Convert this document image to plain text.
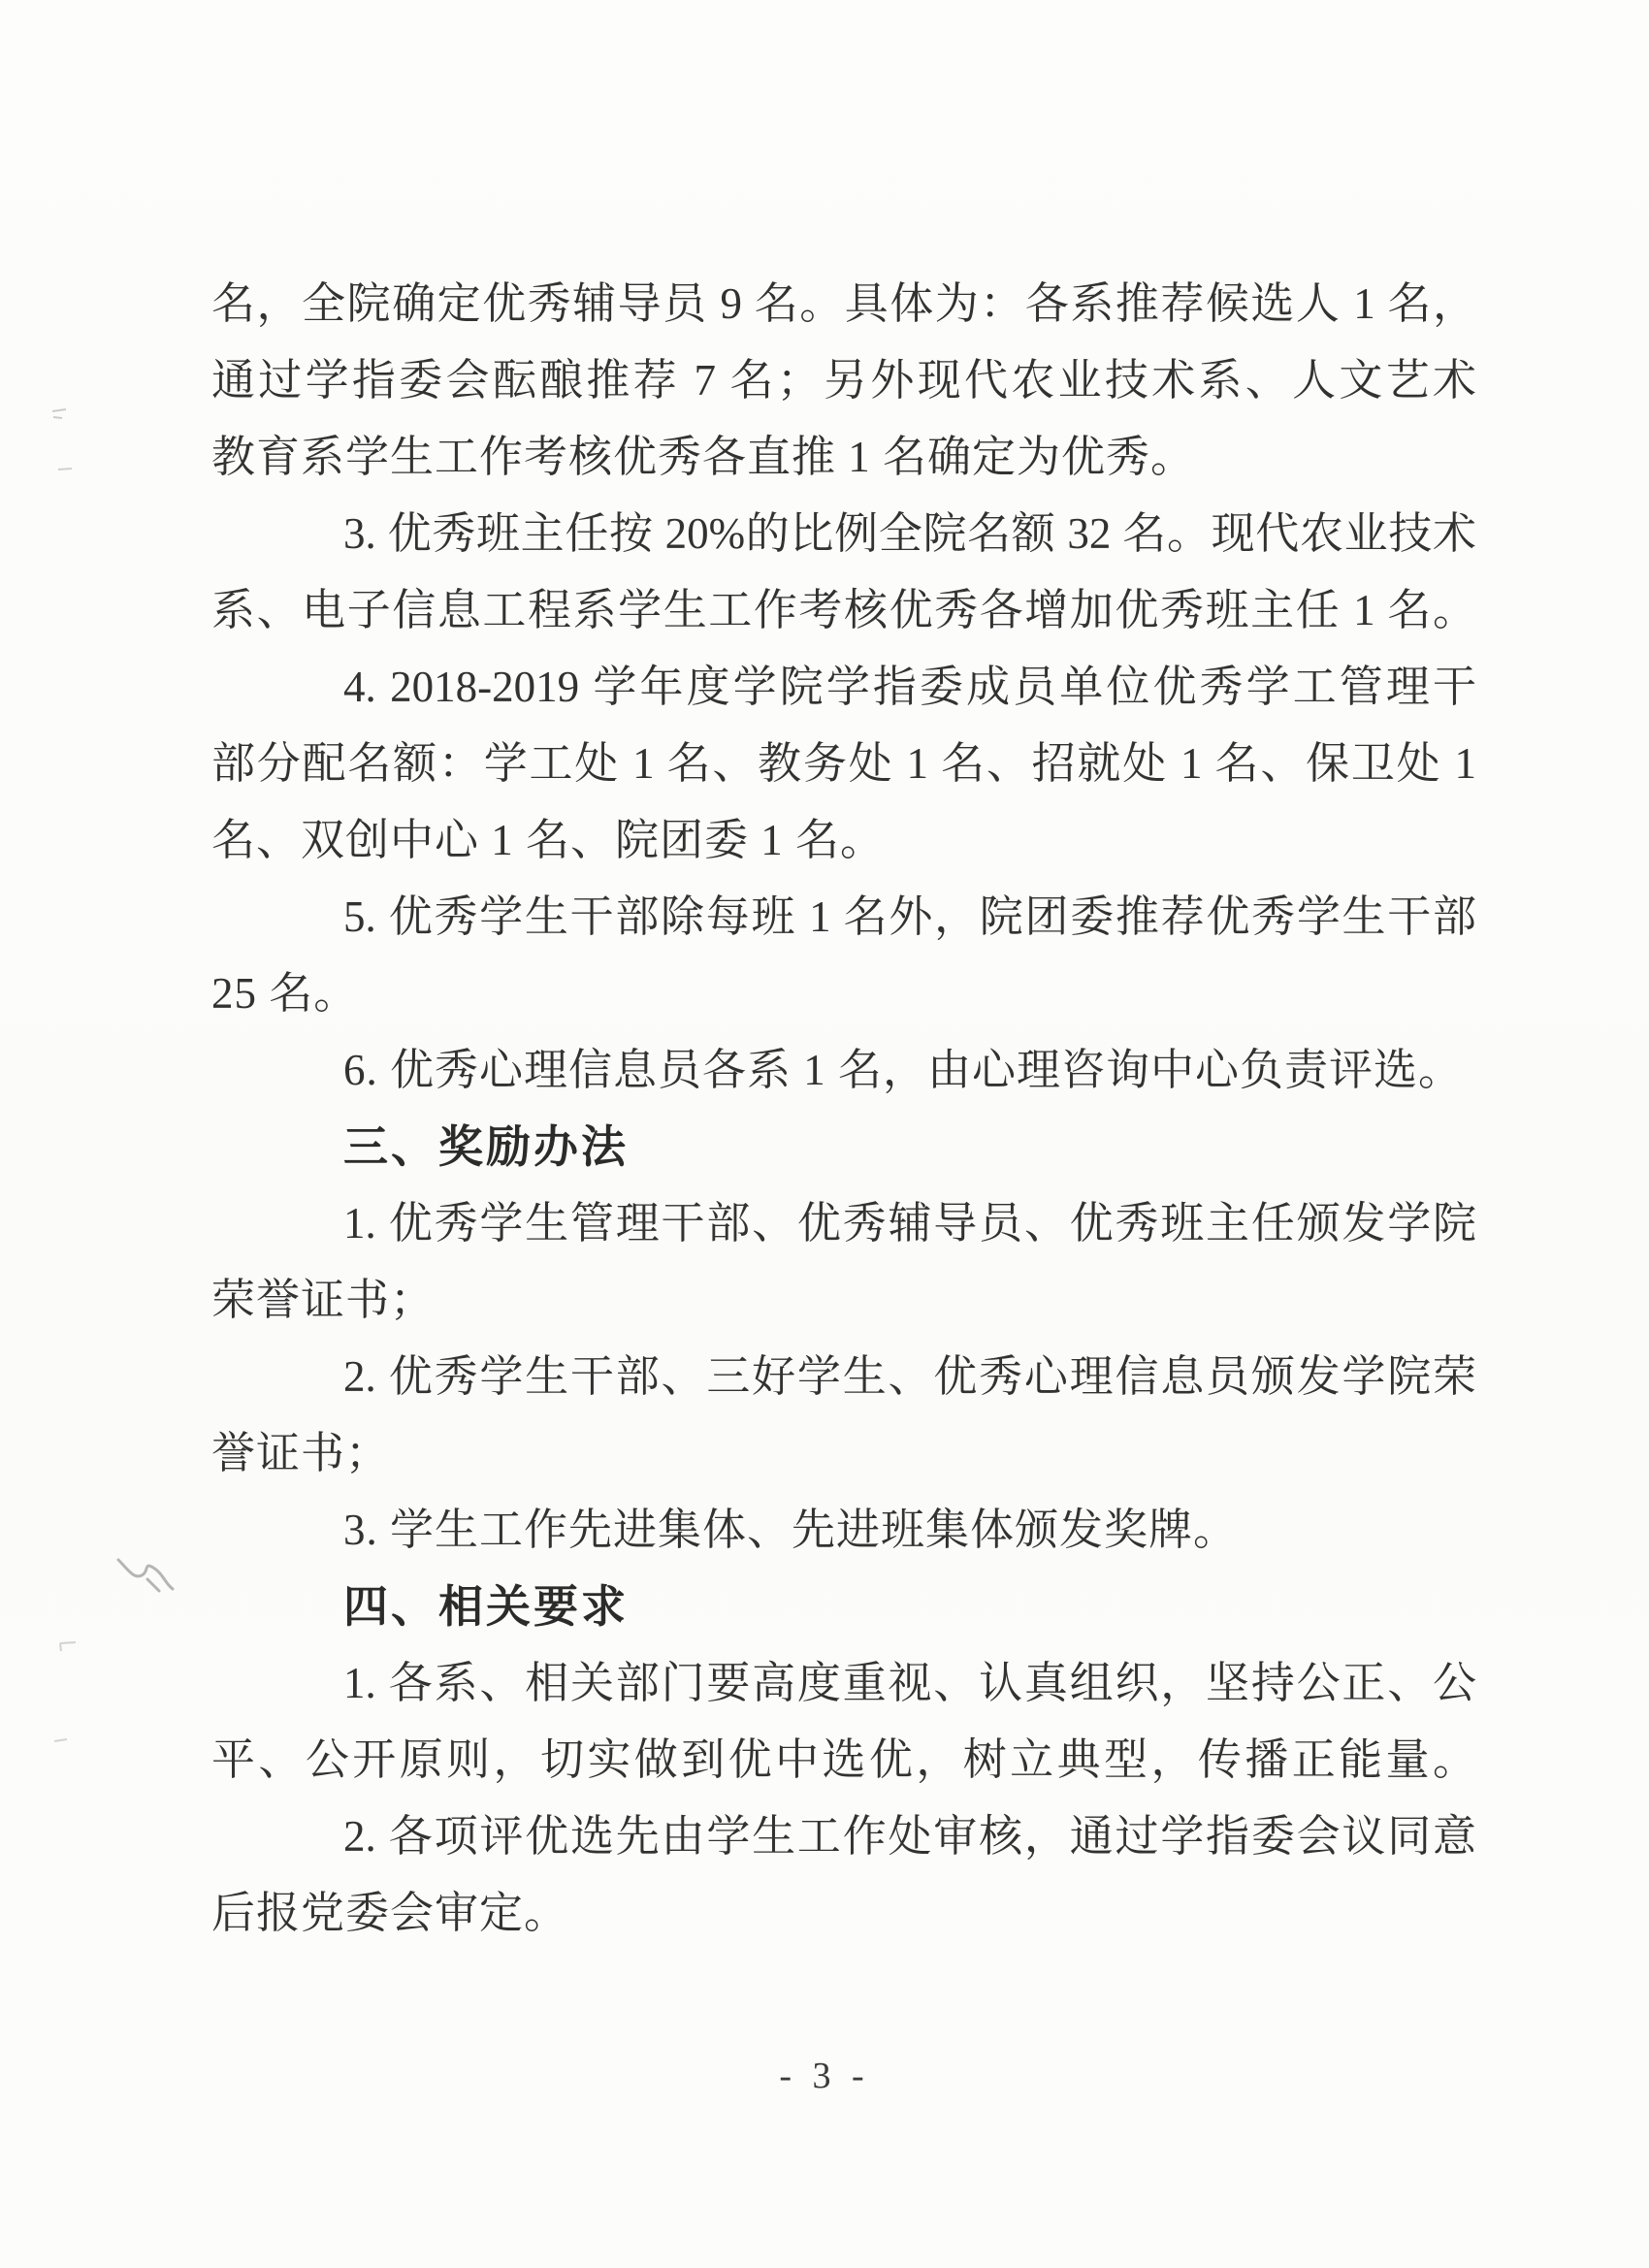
名，全院确定优秀辅导员 9 名。具体为：各系推荐候选人 1 名，
通过学指委会酝酿推荐 7 名；另外现代农业技术系、人文艺术
教育系学生工作考核优秀各直推 1 名确定为优秀。
3. 优秀班主任按 20%的比例全院名额 32 名。现代农业技术
系、电子信息工程系学生工作考核优秀各增加优秀班主任 1 名。
4. 2018-2019 学年度学院学指委成员单位优秀学工管理干
部分配名额：学工处 1 名、教务处 1 名、招就处 1 名、保卫处 1
名、双创中心 1 名、院团委 1 名。
5. 优秀学生干部除每班 1 名外，院团委推荐优秀学生干部
25 名。
6. 优秀心理信息员各系 1 名，由心理咨询中心负责评选。
三、奖励办法
1. 优秀学生管理干部、优秀辅导员、优秀班主任颁发学院
荣誉证书；
2. 优秀学生干部、三好学生、优秀心理信息员颁发学院荣
誉证书；
3. 学生工作先进集体、先进班集体颁发奖牌。
四、相关要求
1. 各系、相关部门要高度重视、认真组织，坚持公正、公
平、公开原则，切实做到优中选优，树立典型，传播正能量。
2. 各项评优选先由学生工作处审核，通过学指委会议同意
后报党委会审定。
- 3 -
